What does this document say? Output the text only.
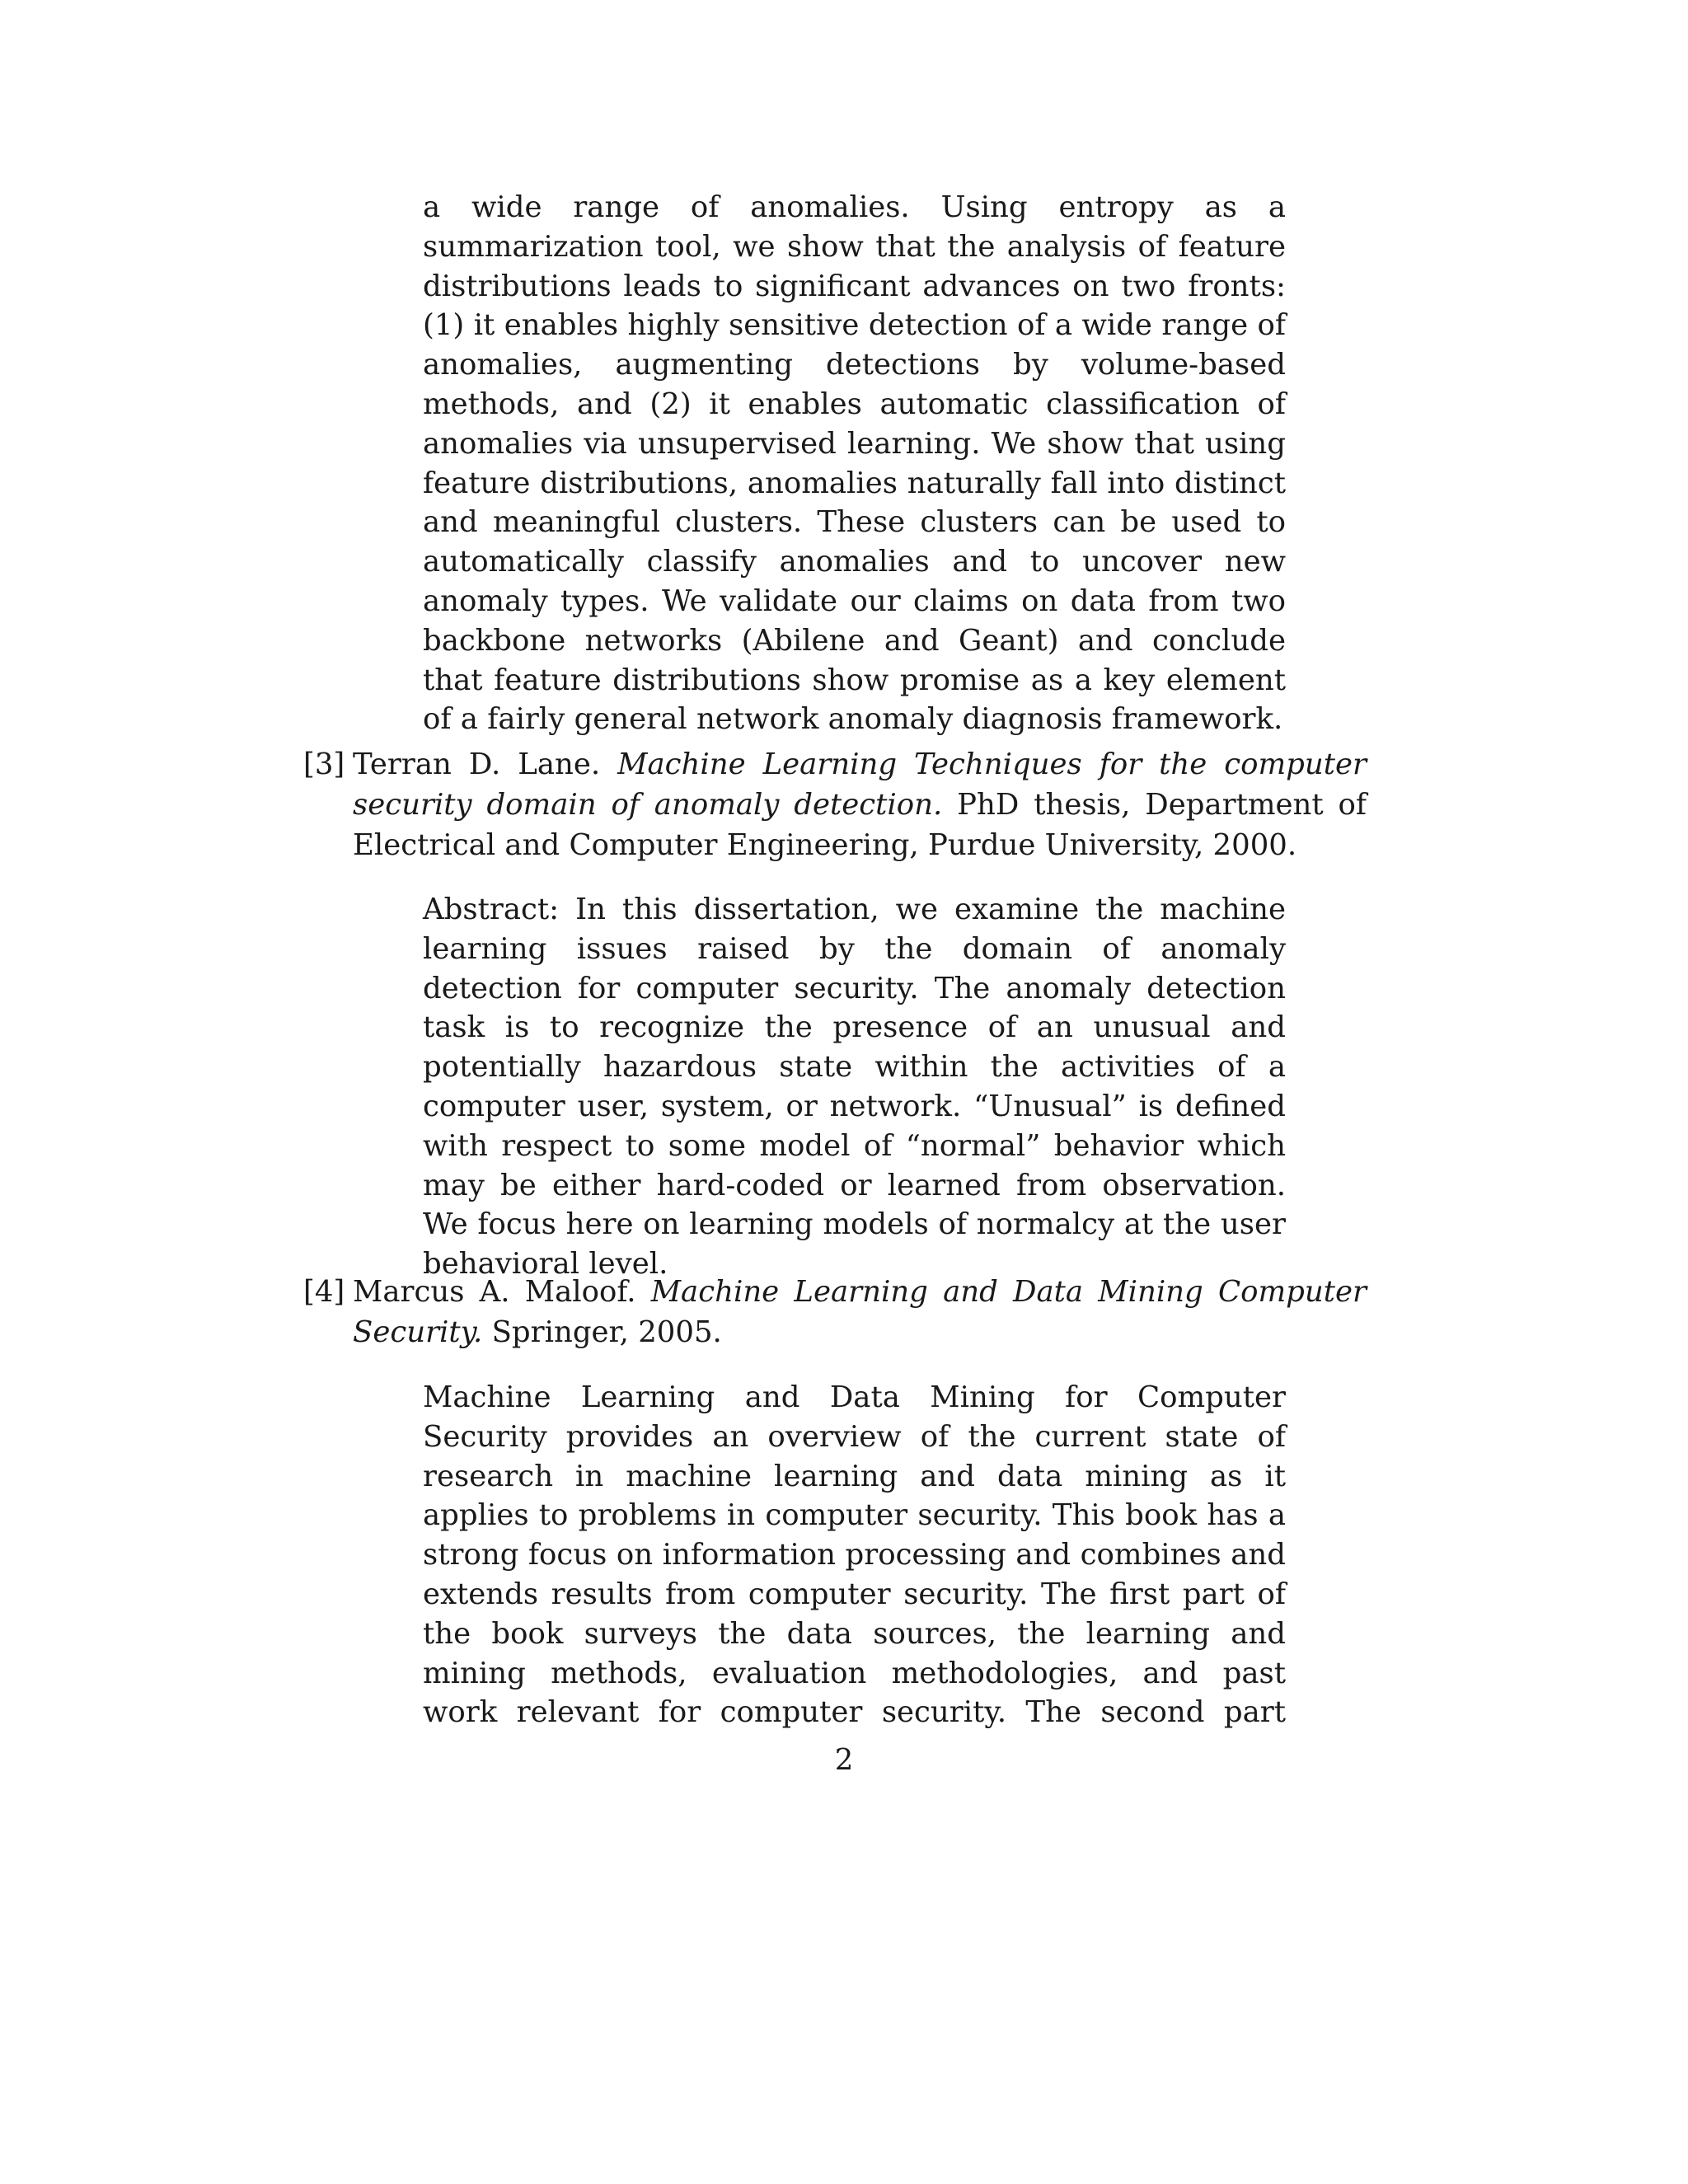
a wide range of anomalies. Using entropy as a summarization tool, we show that the analysis of feature distributions leads to significant advances on two fronts: (1) it enables highly sensitive detection of a wide range of anomalies, augmenting detections by volume-based methods, and (2) it enables automatic classification of anomalies via unsupervised learning. We show that using feature distributions, anomalies naturally fall into distinct and meaningful clusters. These clusters can be used to automatically classify anomalies and to uncover new anomaly types. We validate our claims on data from two backbone networks (Abilene and Geant) and conclude that feature distributions show promise as a key element of a fairly general network anomaly diagnosis framework.

[3] Terran D. Lane. Machine Learning Techniques for the computer security domain of anomaly detection. PhD thesis, Department of Electrical and Computer Engineering, Purdue University, 2000.

Abstract: In this dissertation, we examine the machine learning issues raised by the domain of anomaly detection for computer security. The anomaly detection task is to recognize the presence of an unusual and potentially hazardous state within the activities of a computer user, system, or network. “Unusual” is defined with respect to some model of “normal” behavior which may be either hard-coded or learned from observation. We focus here on learning models of normalcy at the user behavioral level.

[4] Marcus A. Maloof. Machine Learning and Data Mining Computer Security. Springer, 2005.

Machine Learning and Data Mining for Computer Security provides an overview of the current state of research in machine learning and data mining as it applies to problems in computer security. This book has a strong focus on information processing and combines and extends results from computer security. The first part of the book surveys the data sources, the learning and mining methods, evaluation methodologies, and past work relevant for computer security. The second part

2
